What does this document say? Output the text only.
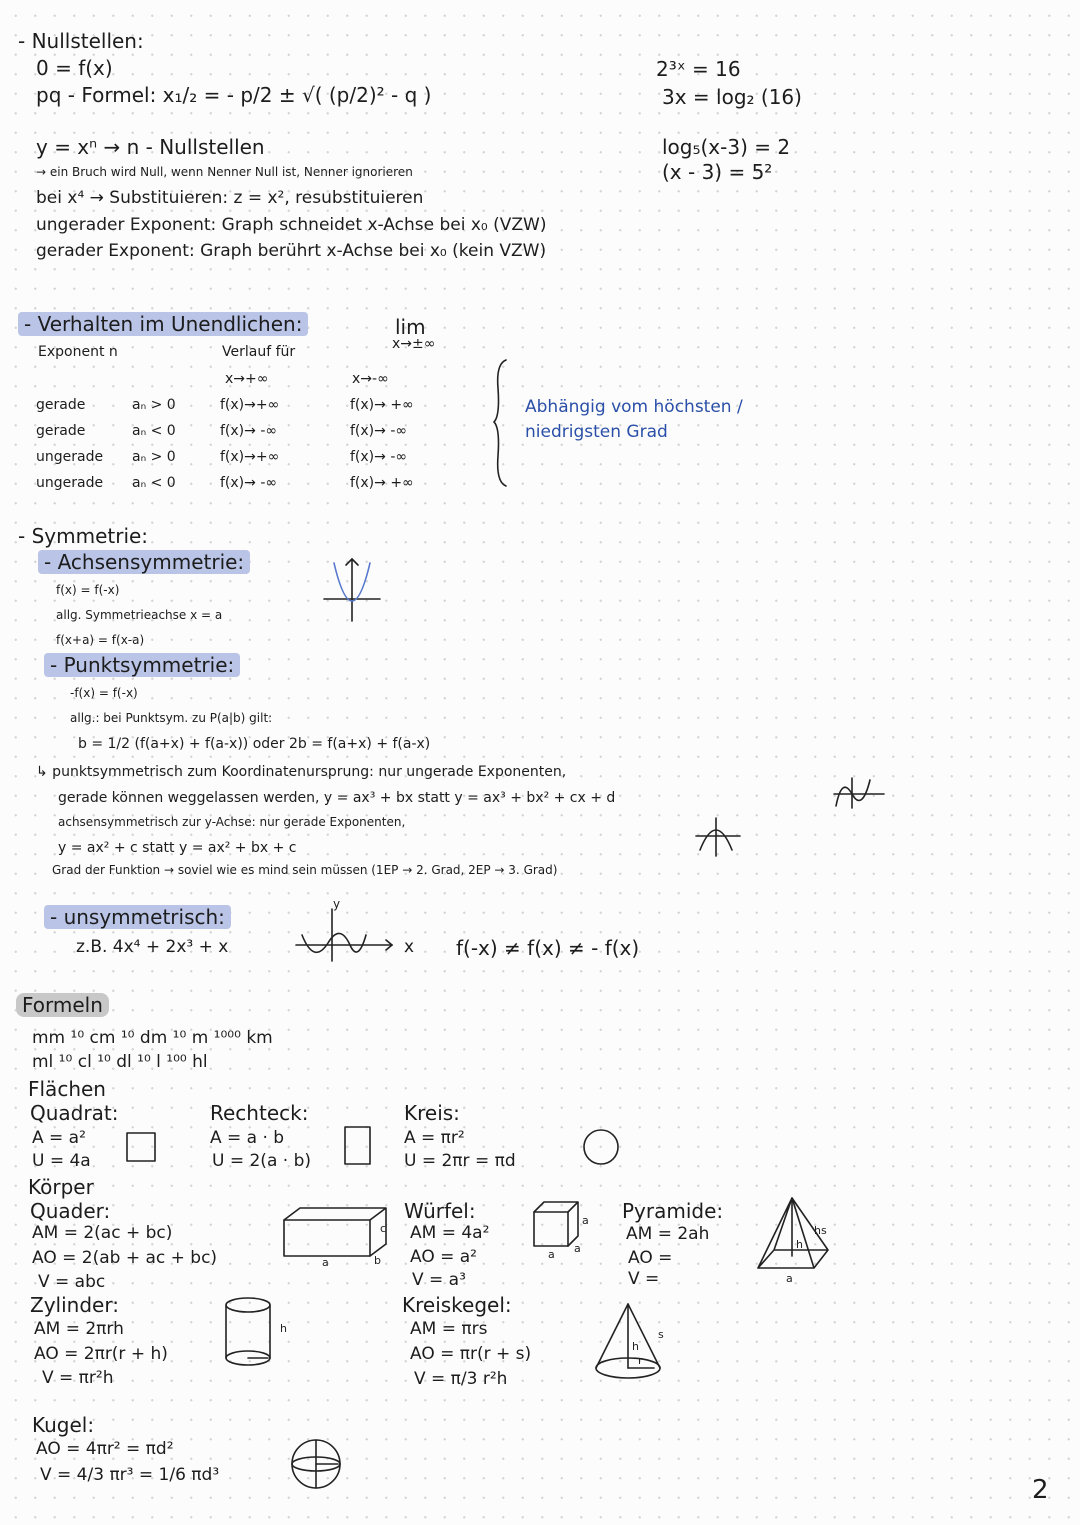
- Nullstellen:
0 = f(x)
pq - Formel: x₁/₂ = - p/2 ± √( (p/2)² - q )
y = xⁿ → n - Nullstellen
→ ein Bruch wird Null, wenn Nenner Null ist, Nenner ignorieren
bei x⁴ → Substituieren: z = x², resubstituieren
ungerader Exponent: Graph schneidet x-Achse bei x₀ (VZW)
gerader Exponent: Graph berührt x-Achse bei x₀ (kein VZW)
2³ˣ = 16
3x = log₂ (16)
log₅(x-3) = 2
(x - 3) = 5²
- Verhalten im Unendlichen:	lim
x→±∞
Exponent n	Verlauf für
x→+∞	x→-∞
gerade	aₙ > 0	f(x)→+∞	f(x)→ +∞
gerade	aₙ < 0	f(x)→ -∞	f(x)→ -∞
ungerade aₙ > 0	f(x)→+∞	f(x)→ -∞
ungerade aₙ < 0	f(x)→ -∞	f(x)→ +∞
Abhängig vom höchsten /
niedrigsten Grad
- Symmetrie:
- Achsensymmetrie:
f(x) = f(-x)
allg. Symmetrieachse x = a
f(x+a) = f(x-a)
- Punktsymmetrie:
-f(x) = f(-x)
allg.: bei Punktsym. zu P(a|b) gilt:
b = 1/2 (f(a+x) + f(a-x)) oder 2b = f(a+x) + f(a-x)
↳ punktsymmetrisch zum Koordinatenursprung: nur ungerade Exponenten,
gerade können weggelassen werden, y = ax³ + bx statt y = ax³ + bx² + cx + d
achsensymmetrisch zur y-Achse: nur gerade Exponenten,
y = ax² + c statt y = ax² + bx + c
Grad der Funktion → soviel wie es mind sein müssen (1EP → 2. Grad, 2EP → 3. Grad)
- unsymmetrisch:
z.B. 4x⁴ + 2x³ + x
y
x f(-x) ≠ f(x) ≠ - f(x)
Formeln
mm ¹⁰ cm ¹⁰ dm ¹⁰ m ¹⁰⁰⁰ km
ml ¹⁰ cl ¹⁰ dl ¹⁰ l ¹⁰⁰ hl
Flächen
Quadrat:
A = a²
U = 4a
Rechteck:
A = a · b
U = 2(a · b)
Kreis:
A = πr²
U = 2πr = πd
Körper
Quader:
AM = 2(ac + bc)
AO = 2(ab + ac + bc)
V = abc
a	b
c
Würfel:
AM = 4a²
AO = a²
V = a³
a a
a Pyramide:
AM = 2ah
AO =
V =	a
h
hs
Zylinder:
AM = 2πrh
AO = 2πr(r + h)
V = πr²h
h
Kreiskegel:
AM = πrs
AO = πr(r + s)
V = π/3 r²h
s
h
r
Kugel:
AO = 4πr² = πd²
V = 4/3 πr³ = 1/6 πd³	2
